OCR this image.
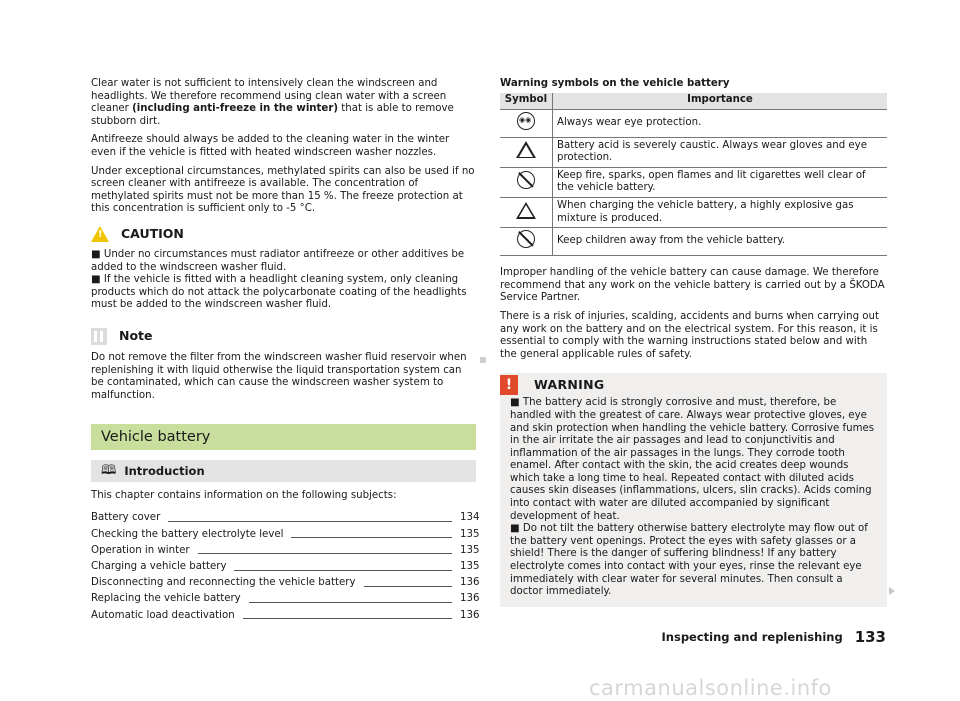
Clear water is not sufficient to intensively clean the windscreen and headlights. We therefore recommend using clean water with a screen cleaner (including anti-freeze in the winter) that is able to remove stubborn dirt.

Antifreeze should always be added to the cleaning water in the winter even if the vehicle is fitted with heated windscreen washer nozzles.

Under exceptional circumstances, methylated spirits can also be used if no screen cleaner with antifreeze is available. The concentration of methylated spirits must not be more than 15 %. The freeze protection at this concentration is sufficient only to -5 °C.

! CAUTION

■ Under no circumstances must radiator antifreeze or other additives be added to the windscreen washer fluid.

■ If the vehicle is fitted with a headlight cleaning system, only cleaning products which do not attack the polycarbonate coating of the headlights must be added to the windscreen washer fluid.

Note

Do not remove the filter from the windscreen washer fluid reservoir when replenishing it with liquid otherwise the liquid transportation system can be contaminated, which can cause the windscreen washer system to malfunction.

Vehicle battery
🕮 Introduction

This chapter contains information on the following subjects:

Battery cover	134
Checking the battery electrolyte level	135
Operation in winter	135
Charging a vehicle battery	135
Disconnecting and reconnecting the vehicle battery	136
Replacing the vehicle battery	136
Automatic load deactivation	136
Warning symbols on the vehicle battery
Symbol	Importance
◉◉	Always wear eye protection.
	Battery acid is severely caustic. Always wear gloves and eye protection.
	Keep fire, sparks, open flames and lit cigarettes well clear of the vehicle battery.
	When charging the vehicle battery, a highly explosive gas mixture is produced.
	Keep children away from the vehicle battery.

Improper handling of the vehicle battery can cause damage. We therefore recommend that any work on the vehicle battery is carried out by a ŠKODA Service Partner.

There is a risk of injuries, scalding, accidents and burns when carrying out any work on the battery and on the electrical system. For this reason, it is essential to comply with the warning instructions stated below and with the general applicable rules of safety.

!	WARNING

■ The battery acid is strongly corrosive and must, therefore, be handled with the greatest of care. Always wear protective gloves, eye and skin protection when handling the vehicle battery. Corrosive fumes in the air irritate the air passages and lead to conjunctivitis and inflammation of the air passages in the lungs. They corrode tooth enamel. After contact with the skin, the acid creates deep wounds which take a long time to heal. Repeated contact with diluted acids causes skin diseases (inflammations, ulcers, slin cracks). Acids coming into contact with water are diluted accompanied by significant development of heat.

■ Do not tilt the battery otherwise battery electrolyte may flow out of the battery vent openings. Protect the eyes with safety glasses or a shield! There is the danger of suffering blindness! If any battery electrolyte comes into contact with your eyes, rinse the relevant eye immediately with clear water for several minutes. Then consult a doctor immediately.

Inspecting and replenishing 133
carmanualsonline.info
